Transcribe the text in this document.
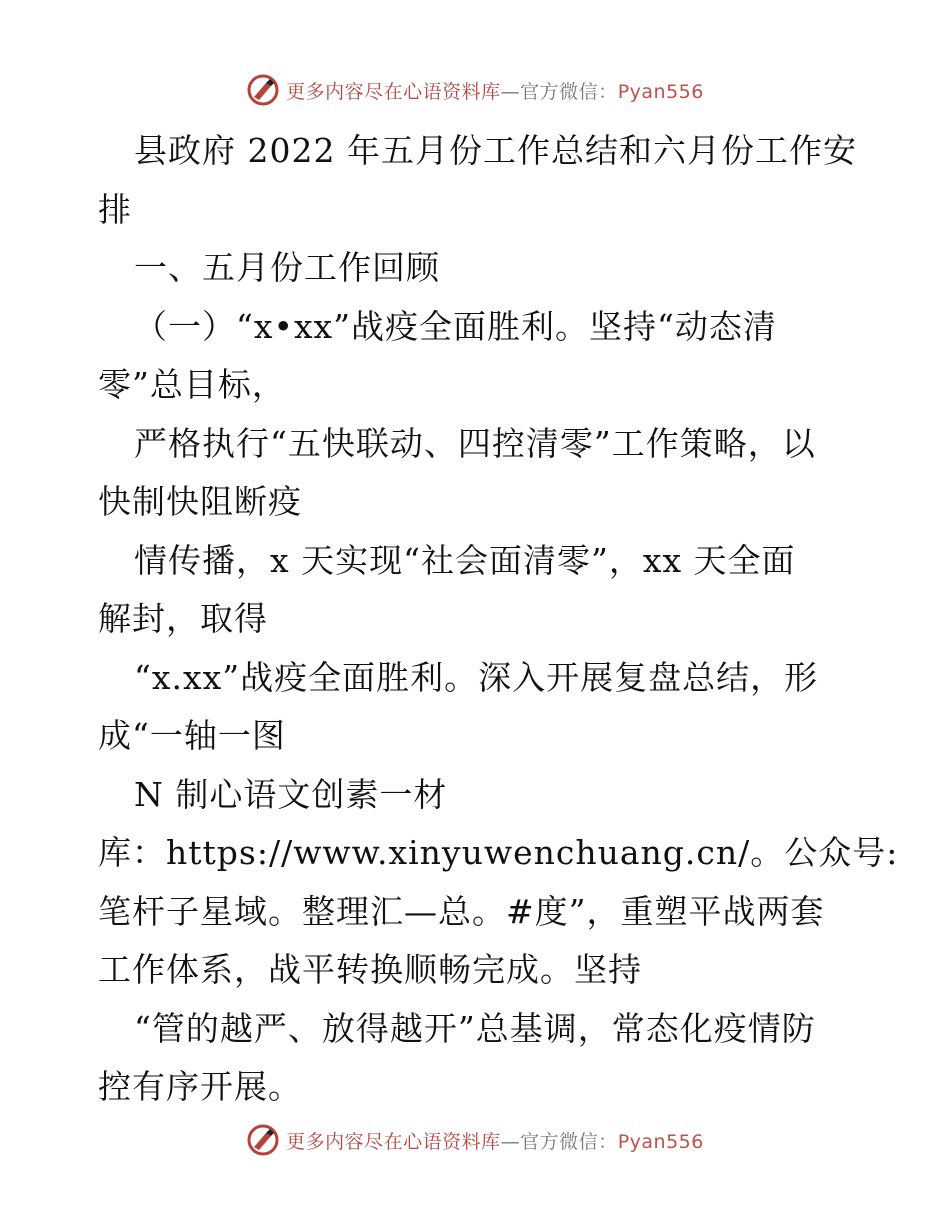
更多内容尽在心语资料库—官方微信：Pyan556
县政府 2022 年五月份工作总结和六月份工作安
排
一、五月份工作回顾
（一）“x•xx”战疫全面胜利。坚持“动态清
零”总目标，
严格执行“五快联动、四控清零”工作策略，以
快制快阻断疫
情传播，x 天实现“社会面清零”，xx 天全面
解封，取得
“x.xx”战疫全面胜利。深入开展复盘总结，形
成“一轴一图
N 制心语文创素一材
库：https://www.xinyuwenchuang.cn/。公众号:
笔杆子星域。整理汇—总。#度”，重塑平战两套
工作体系，战平转换顺畅完成。坚持
“管的越严、放得越开”总基调，常态化疫情防
控有序开展。
更多内容尽在心语资料库—官方微信：Pyan556
